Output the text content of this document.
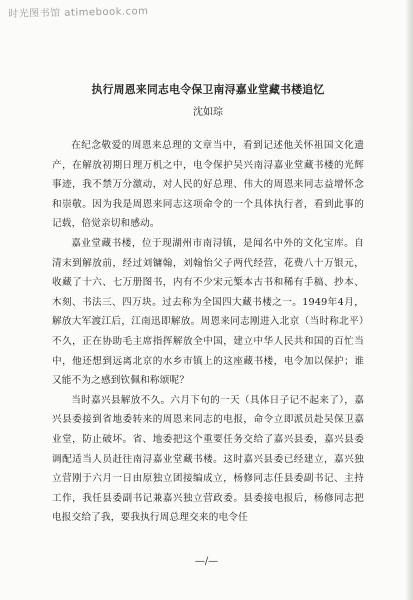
时光图书馆 atimebook.com
执行周恩来同志电令保卫南浔嘉业堂藏书楼追忆
沈如琮

在纪念敬爱的周恩来总理的文章当中，看到记述他关怀祖国文化遗产，在解放初期日理万机之中，电令保护吴兴南浔嘉业堂藏书楼的光辉事迹，我不禁万分激动，对人民的好总理、伟大的周恩来同志益增怀念和崇敬。因为我是周恩来同志这项命令的一个具体执行者，看到此事的记载，倍觉亲切和感动。

嘉业堂藏书楼，位于现湖州市南浔镇，是闻名中外的文化宝库。自清末到解放前，经过刘镛翰，刘翰怡父子两代经营，花费八十万银元，收藏了十六、七万册图书，内有不少宋元椠本古书和稀有手稿、抄本、木刻、书法三、四万块。过去称为全国四大藏书楼之一。1949年4月，解放大军渡江后，江南迅即解放。周恩来同志刚进入北京（当时称北平）不久，正在协助毛主席指挥解放全中国，建立中华人民共和国的百忙当中，他还想到远离北京的水乡市镇上的这座藏书楼，电令加以保护；谁又能不为之感到钦佩和称颂呢？

当时嘉兴县解放不久。六月下旬的一天（具体日子记不起来了），嘉兴县委接到省地委转来的周恩来同志的电报，命令立即派员赴吴保卫嘉业堂，防止破坏。省、地委把这个重要任务交给了嘉兴县委，嘉兴县委调配适当人员赶往南浔嘉业堂藏书楼。这时嘉兴县委已经建立，嘉兴独立营刚于六月一日由原独立团接编成立，杨修同志任县委副书记、主持工作，我任县委副书记兼嘉兴独立营政委。县委接电报后，杨修同志把电报交给了我，要我执行周总理交来的电令任

—/—
